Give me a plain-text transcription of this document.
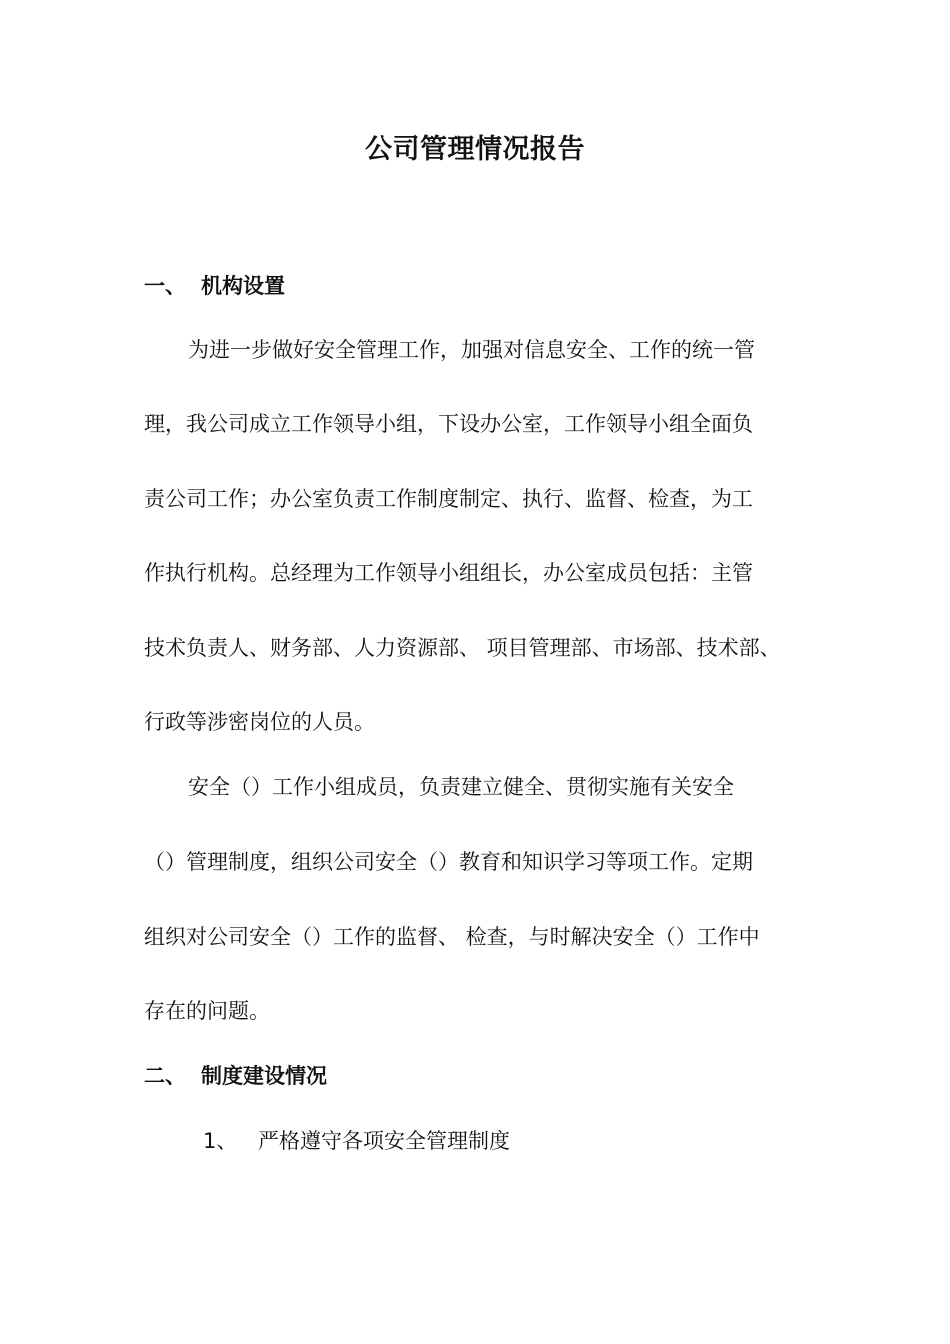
公司管理情况报告
一、 机构设置
为进一步做好安全管理工作，加强对信息安全、工作的统一管
理，我公司成立工作领导小组，下设办公室，工作领导小组全面负
责公司工作；办公室负责工作制度制定、执行、监督、检查，为工
作执行机构。总经理为工作领导小组组长，办公室成员包括：主管
技术负责人、财务部、人力资源部、 项目管理部、市场部、技术部、
行政等涉密岗位的人员。
安全（）工作小组成员，负责建立健全、贯彻实施有关安全
（）管理制度，组织公司安全（）教育和知识学习等项工作。定期
组织对公司安全（）工作的监督、 检查，与时解决安全（）工作中
存在的问题。
二、 制度建设情况
1、 严格遵守各项安全管理制度
